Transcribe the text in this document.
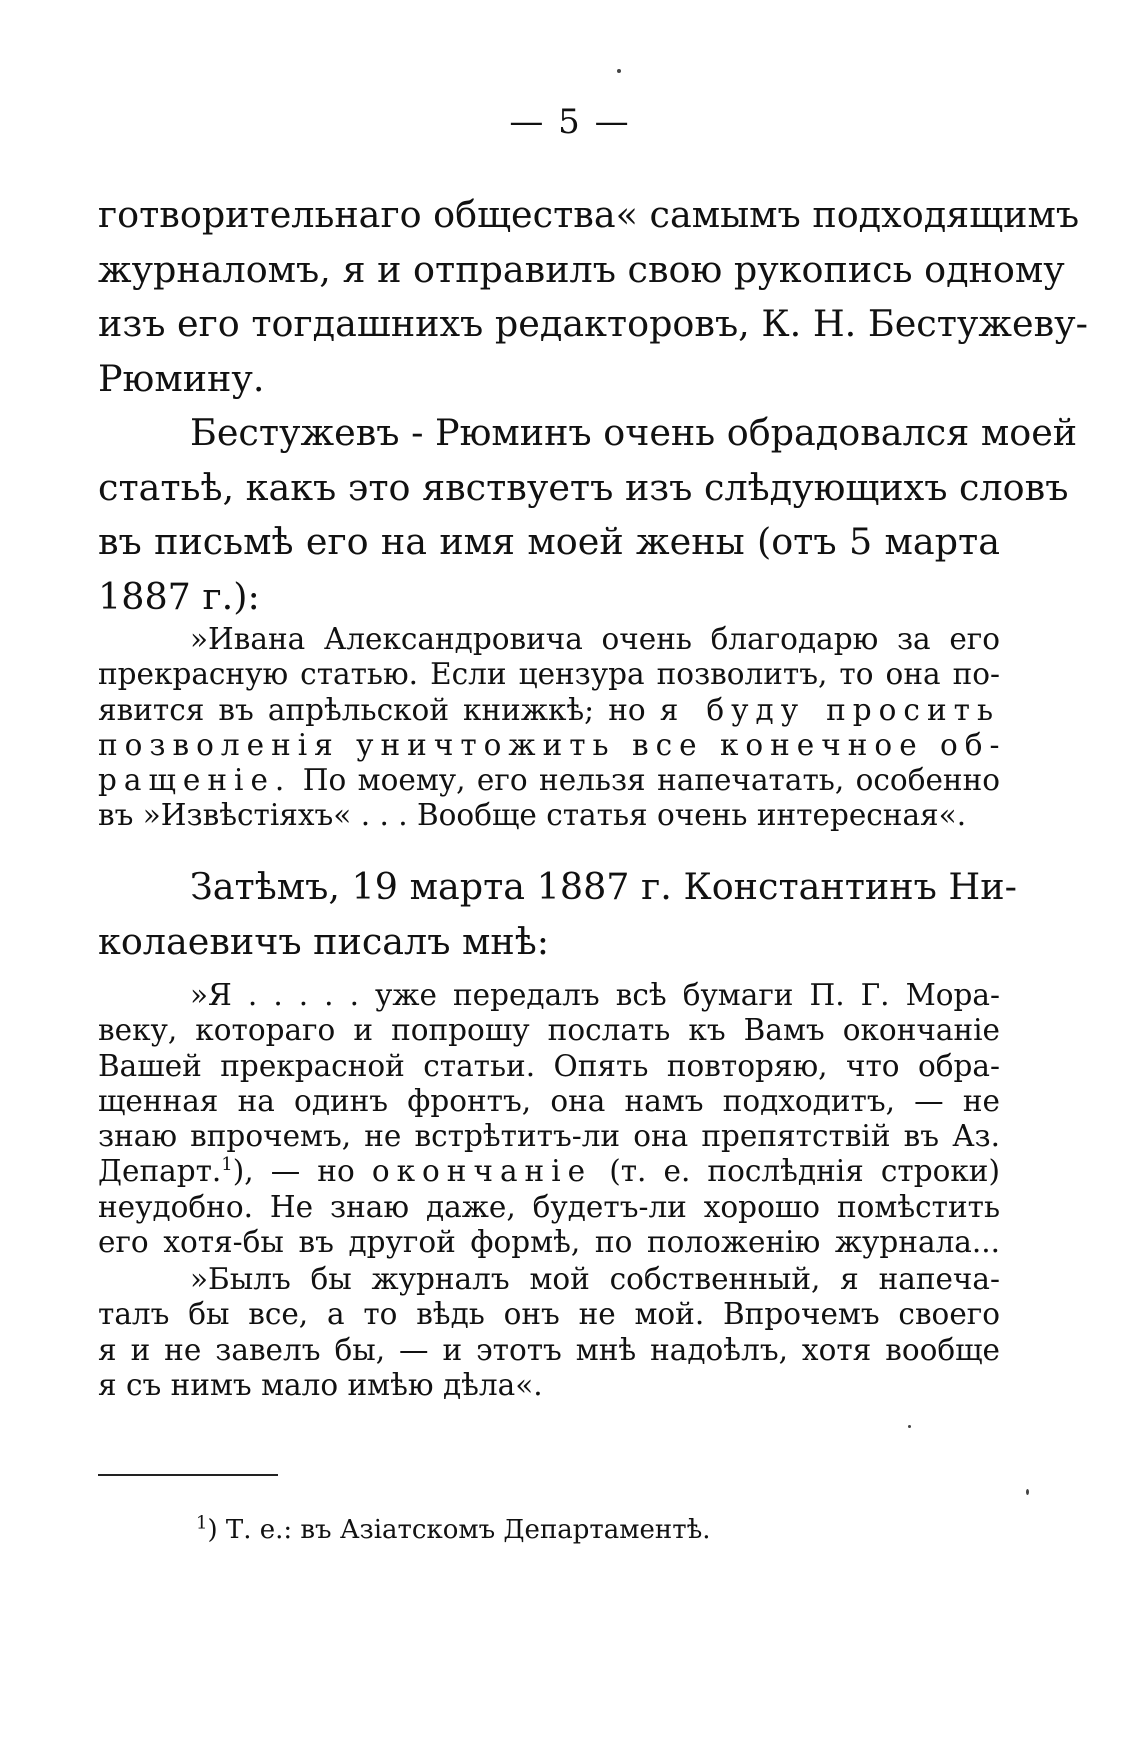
— 5 —
готворительнаго общества« самымъ подходящимъ
журналомъ, я и отправилъ свою рукопись одному
изъ его тогдашнихъ редакторовъ, К. Н. Бестужеву-
Рюмину.
Бестужевъ - Рюминъ очень обрадовался моей
статьѣ, какъ это явствуетъ изъ слѣдующихъ словъ
въ письмѣ его на имя моей жены (отъ 5 марта
1887 г.):
»Ивана Александровича очень благодарю за его
прекрасную статью. Если цензура позволитъ, то она по-
явится въ апрѣльской книжкѣ; но я буду просить
позволенія уничтожить все конечное об-
ращеніе. По моему, его нельзя напечатать, особенно
въ »Извѣстіяхъ« . . . Вообще статья очень интересная«.
Затѣмъ, 19 марта 1887 г. Константинъ Ни-
колаевичъ писалъ мнѣ:
»Я . . . . . уже передалъ всѣ бумаги П. Г. Мора-
веку, котораго и попрошу послать къ Вамъ окончаніе
Вашей прекрасной статьи. Опять повторяю, что обра-
щенная на одинъ фронтъ, она намъ подходитъ, — не
знаю впрочемъ, не встрѣтитъ-ли она препятствій въ Аз.
Департ.$^1$), — но окончаніе (т. е. послѣднія строки)
неудобно. Не знаю даже, будетъ-ли хорошо помѣстить
его хотя-бы въ другой формѣ, по положенію журнала...
»Былъ бы журналъ мой собственный, я напеча-
талъ бы все, а то вѣдь онъ не мой. Впрочемъ своего
я и не завелъ бы, — и этотъ мнѣ надоѣлъ, хотя вообще
я съ нимъ мало имѣю дѣла«.
$^1$) Т. е.: въ Азіатскомъ Департаментѣ.
